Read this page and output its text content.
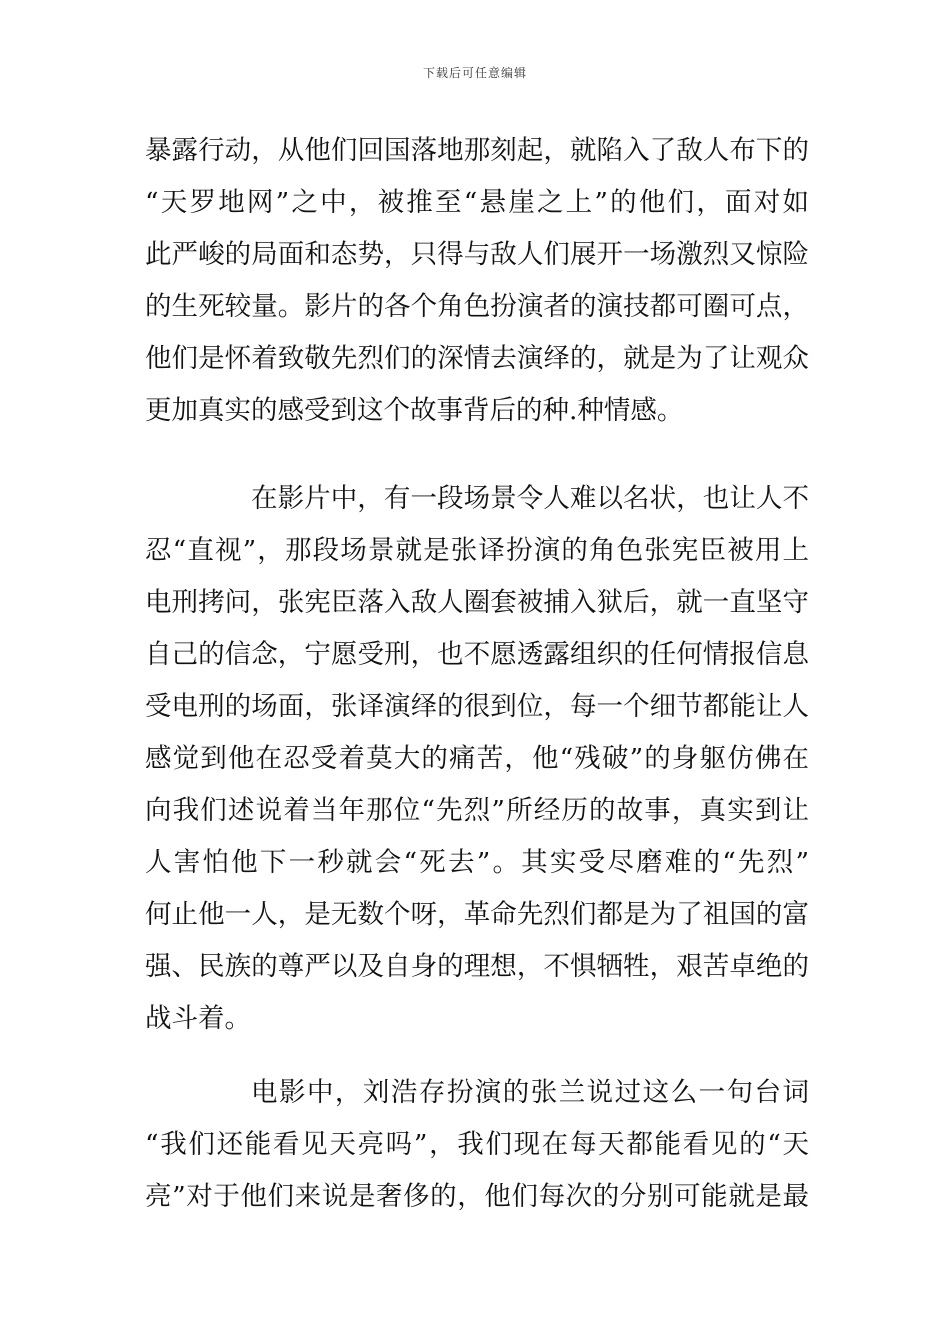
下载后可任意编辑
暴露行动，从他们回国落地那刻起，就陷入了敌人布下的
“天罗地网”之中，被推至“悬崖之上”的他们，面对如
此严峻的局面和态势，只得与敌人们展开一场激烈又惊险
的生死较量。影片的各个角色扮演者的演技都可圈可点，
他们是怀着致敬先烈们的深情去演绎的，就是为了让观众
更加真实的感受到这个故事背后的种.种情感。
在影片中，有一段场景令人难以名状，也让人不
忍“直视”，那段场景就是张译扮演的角色张宪臣被用上
电刑拷问，张宪臣落入敌人圈套被捕入狱后，就一直坚守
自己的信念，宁愿受刑，也不愿透露组织的任何情报信息
受电刑的场面，张译演绎的很到位，每一个细节都能让人
感觉到他在忍受着莫大的痛苦，他“残破”的身躯仿佛在
向我们述说着当年那位“先烈”所经历的故事，真实到让
人害怕他下一秒就会“死去”。其实受尽磨难的“先烈”
何止他一人，是无数个呀，革命先烈们都是为了祖国的富
强、民族的尊严以及自身的理想，不惧牺牲，艰苦卓绝的
战斗着。
电影中，刘浩存扮演的张兰说过这么一句台词
“我们还能看见天亮吗”，我们现在每天都能看见的“天
亮”对于他们来说是奢侈的，他们每次的分别可能就是最
